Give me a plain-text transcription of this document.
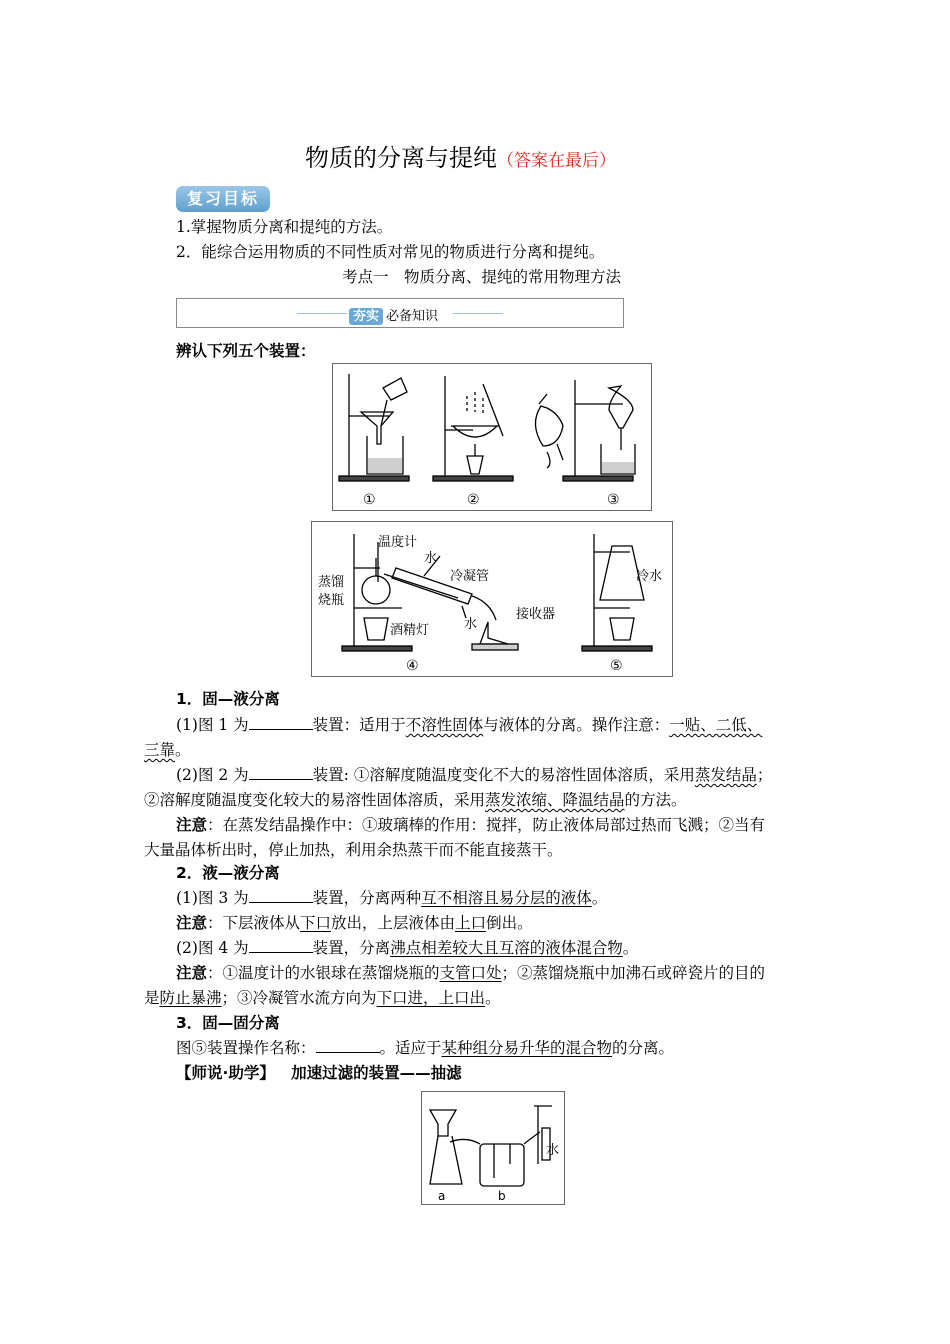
物质的分离与提纯（答案在最后）
复习目标
1.掌握物质分离和提纯的方法。
2．能综合运用物质的不同性质对常见的物质进行分离和提纯。
考点一　物质分离、提纯的常用物理方法
夯实 必备知识
辨认下列五个装置：
①	②	③
温度计
水
冷凝管
蒸馏
烧瓶
酒精灯	水
接收器
冷水
④	⑤
1．固—液分离
(1)图 1 为	装置：适用于不溶性固体与液体的分离。操作注意：一贴、二低、
三靠。
(2)图 2 为	装置: ①溶解度随温度变化不大的易溶性固体溶质，采用蒸发结晶；
②溶解度随温度变化较大的易溶性固体溶质，采用蒸发浓缩、降温结晶的方法。
注意：在蒸发结晶操作中：①玻璃棒的作用：搅拌，防止液体局部过热而飞溅；②当有
大量晶体析出时，停止加热，利用余热蒸干而不能直接蒸干。
2．液—液分离
(1)图 3 为	装置，分离两种互不相溶且易分层的液体。
注意：下层液体从下口放出，上层液体由上口倒出。
(2)图 4 为	装置，分离沸点相差较大且互溶的液体混合物。
注意：①温度计的水银球在蒸馏烧瓶的支管口处；②蒸馏烧瓶中加沸石或碎瓷片的目的
是防止暴沸；③冷凝管水流方向为下口进，上口出。
3．固—固分离
图⑤装置操作名称：	。适应于某种组分易升华的混合物的分离。
【师说·助学】 加速过滤的装置——抽滤
a	b
水
